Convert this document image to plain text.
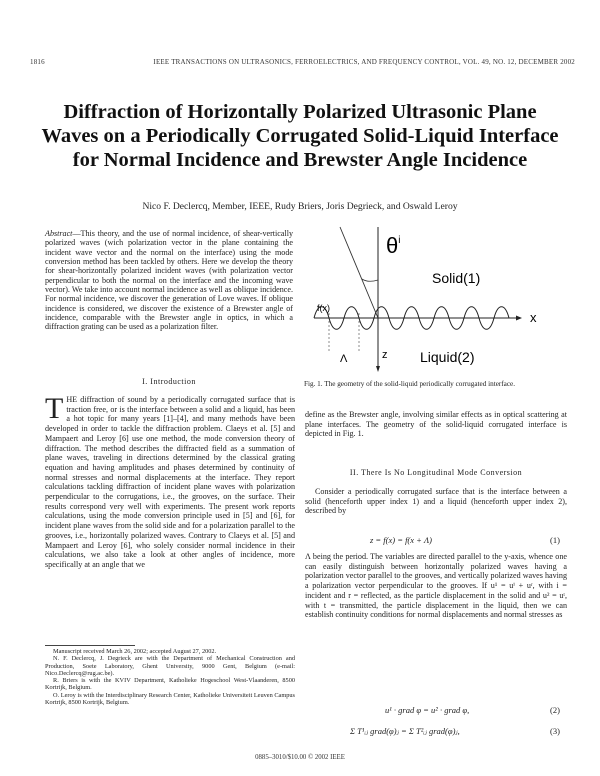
1816	IEEE TRANSACTIONS ON ULTRASONICS, FERROELECTRICS, AND FREQUENCY CONTROL, VOL. 49, NO. 12, DECEMBER 2002
Diffraction of Horizontally Polarized Ultrasonic Plane Waves on a Periodically Corrugated Solid-Liquid Interface for Normal Incidence and Brewster Angle Incidence
Nico F. Declercq, Member, IEEE, Rudy Briers, Joris Degrieck, and Oswald Leroy
Abstract—This theory, and the use of normal incidence, of shear-vertically polarized waves (wich polarization vector in the plane containing the incident wave vector and the normal on the interface) using the mode conversion method has been tackled by others. Here we develop the theory for shear-horizontally polarized incident waves (with polarization vector perpendicular to both the normal on the interface and the incoming wave vector). We take into account normal incidence as well as oblique incidence. For normal incidence, we discover the generation of Love waves. If oblique incidence is considered, we discover the existence of a Brewster angle of incidence, comparable with the Brewster angle in optics, in which a diffraction grating can be used as a polarization filter.
$\theta^i$
Solid(1)
f(x)
x
z
Λ	Liquid(2)
Fig. 1. The geometry of the solid-liquid periodically corrugated interface.
I. Introduction
THE diffraction of sound by a periodically corrugated surface that is traction free, or is the interface between a solid and a liquid, has been a hot topic for many years [1]–[4], and many methods have been developed in order to tackle the diffraction problem. Claeys et al. [5] and Mampaert and Leroy [6] use one method, the mode conversion theory of diffraction. The method describes the diffracted field as a summation of plane waves, traveling in directions determined by the classical grating equation and having amplitudes and phases determined by continuity of normal stresses and normal displacements at the interface. They report calculations tackling diffraction of incident plane waves with polarization perpendicular to the corrugations, i.e., the grooves, on the surface. Their results correspond very well with experiments. The present work reports calculations, using the mode conversion principle used in [5] and [6], for incident plane waves from the solid side and for a polarization parallel to the grooves, i.e., horizontally polarized waves. Contrary to Claeys et al. [5] and Mampaert and Leroy [6], who solely consider normal incidence in their calculations, we also take a look at other angles of incidence, more specifically at an angle that we
define as the Brewster angle, involving similar effects as in optical scattering at plane interfaces. The geometry of the solid-liquid corrugated interface is depicted in Fig. 1.
II. There Is No Longitudinal Mode Conversion
Consider a periodically corrugated surface that is the interface between a solid (henceforth upper index 1) and a liquid (henceforth upper index 2), described by
z = f(x) = f(x + Λ)	(1)
Λ being the period. The variables are directed parallel to the y-axis, whence one can easily distinguish between horizontally polarized waves having a polarization vector parallel to the grooves, and vertically polarized waves having a polarization vector perpendicular to the grooves. If u¹ = uⁱ + uʳ, with i = incident and r = reflected, as the particle displacement in the solid and u² = uᵗ, with t = transmitted, the particle displacement in the liquid, then we can establish continuity conditions for normal displacements and normal stresses as
u¹ · grad φ = u² · grad φ,	(2)
Σ T¹ᵢⱼ grad(φ)ⱼ = Σ T²ᵢⱼ grad(φ)ⱼ,	(3)

Manuscript received March 26, 2002; accepted August 27, 2002.

N. F. Declercq, J. Degrieck are with the Department of Mechanical Construction and Production, Soete Laboratory, Ghent University, 9000 Gent, Belgium (e-mail: Nico.Declercq@rug.ac.be).

R. Briers is with the KVIV Department, Katholieke Hogeschool West-Vlaanderen, 8500 Kortrijk, Belgium.

O. Leroy is with the Interdisciplinary Research Center, Katholieke Universiteit Leuven Campus Kortrijk, 8500 Kortrijk, Belgium.

0885–3010/$10.00 © 2002 IEEE
